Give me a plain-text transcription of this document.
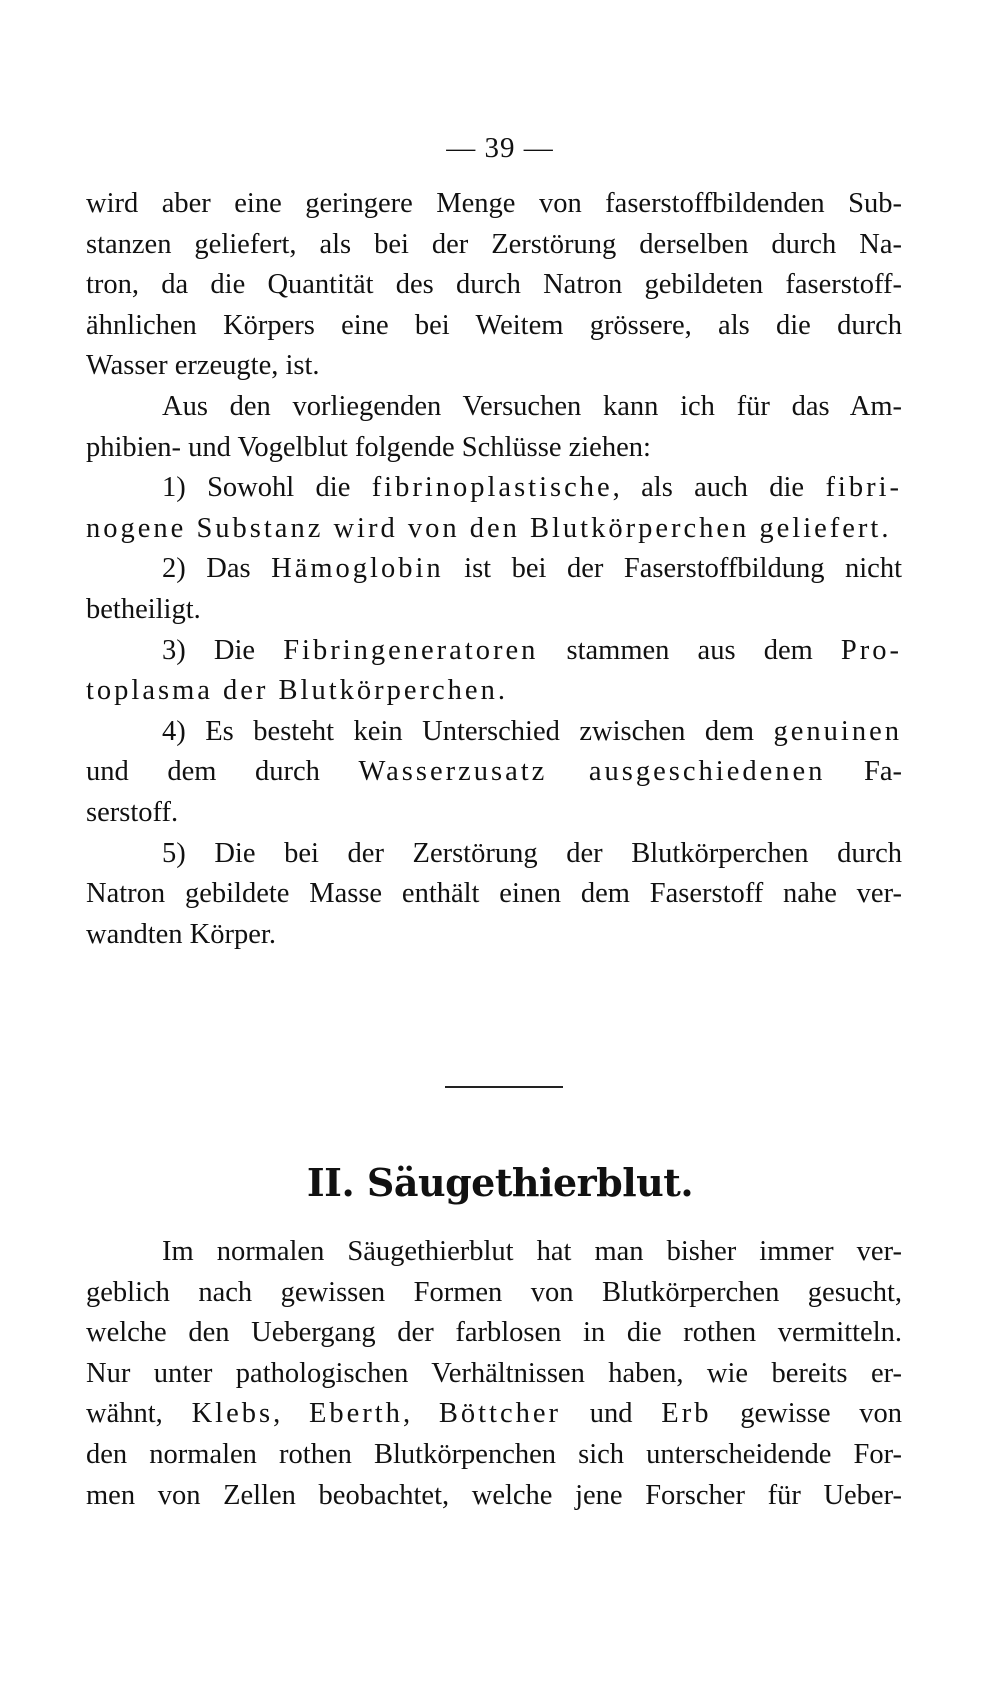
— 39 —
wird aber eine geringere Menge von faserstoffbildenden Sub-
stanzen geliefert, als bei der Zerstörung derselben durch Na-
tron, da die Quantität des durch Natron gebildeten faserstoff-
ähnlichen Körpers eine bei Weitem grössere, als die durch
Wasser erzeugte, ist.
Aus den vorliegenden Versuchen kann ich für das Am-
phibien- und Vogelblut folgende Schlüsse ziehen:
1) Sowohl die fibrinoplastische, als auch die fibri-
nogene Substanz wird von den Blutkörperchen geliefert.
2) Das Hämoglobin ist bei der Faserstoffbildung nicht
betheiligt.
3) Die Fibringeneratoren stammen aus dem Pro-
toplasma der Blutkörperchen.
4) Es besteht kein Unterschied zwischen dem genuinen
und dem durch Wasserzusatz ausgeschiedenen Fa-
serstoff.
5) Die bei der Zerstörung der Blutkörperchen durch
Natron gebildete Masse enthält einen dem Faserstoff nahe ver-
wandten Körper.
II. Säugethierblut.
Im normalen Säugethierblut hat man bisher immer ver-
geblich nach gewissen Formen von Blutkörperchen gesucht,
welche den Uebergang der farblosen in die rothen vermitteln.
Nur unter pathologischen Verhältnissen haben, wie bereits er-
wähnt, Klebs, Eberth, Böttcher und Erb gewisse von
den normalen rothen Blutkörpenchen sich unterscheidende For-
men von Zellen beobachtet, welche jene Forscher für Ueber-
